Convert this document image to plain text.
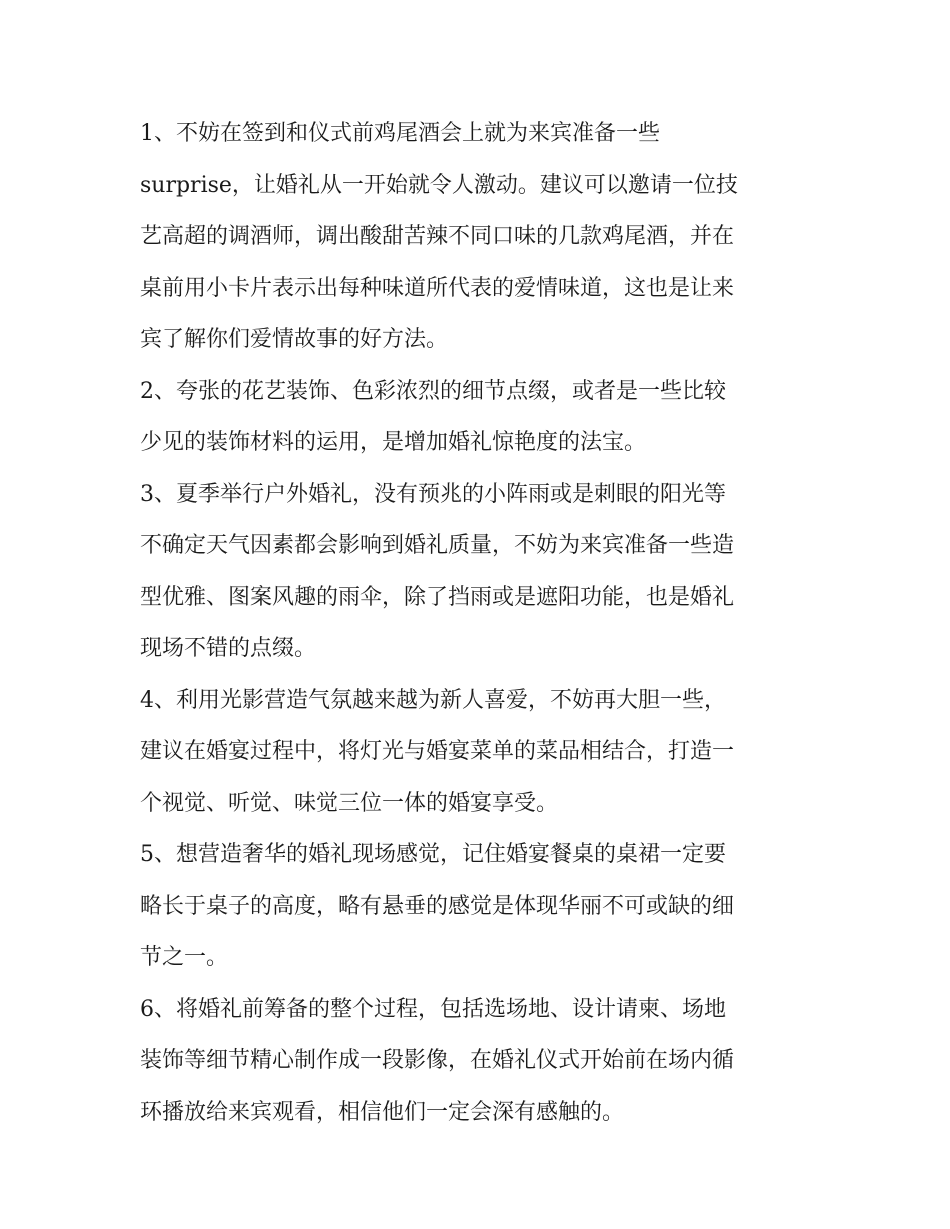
1、不妨在签到和仪式前鸡尾酒会上就为来宾准备一些
surprise，让婚礼从一开始就令人激动。建议可以邀请一位技
艺高超的调酒师，调出酸甜苦辣不同口味的几款鸡尾酒，并在
桌前用小卡片表示出每种味道所代表的爱情味道，这也是让来
宾了解你们爱情故事的好方法。

2、夸张的花艺装饰、色彩浓烈的细节点缀，或者是一些比较
少见的装饰材料的运用，是增加婚礼惊艳度的法宝。

3、夏季举行户外婚礼，没有预兆的小阵雨或是刺眼的阳光等
不确定天气因素都会影响到婚礼质量，不妨为来宾准备一些造
型优雅、图案风趣的雨伞，除了挡雨或是遮阳功能，也是婚礼
现场不错的点缀。

4、利用光影营造气氛越来越为新人喜爱，不妨再大胆一些，
建议在婚宴过程中，将灯光与婚宴菜单的菜品相结合，打造一
个视觉、听觉、味觉三位一体的婚宴享受。

5、想营造奢华的婚礼现场感觉，记住婚宴餐桌的桌裙一定要
略长于桌子的高度，略有悬垂的感觉是体现华丽不可或缺的细
节之一。

6、将婚礼前筹备的整个过程，包括选场地、设计请柬、场地
装饰等细节精心制作成一段影像，在婚礼仪式开始前在场内循
环播放给来宾观看，相信他们一定会深有感触的。
